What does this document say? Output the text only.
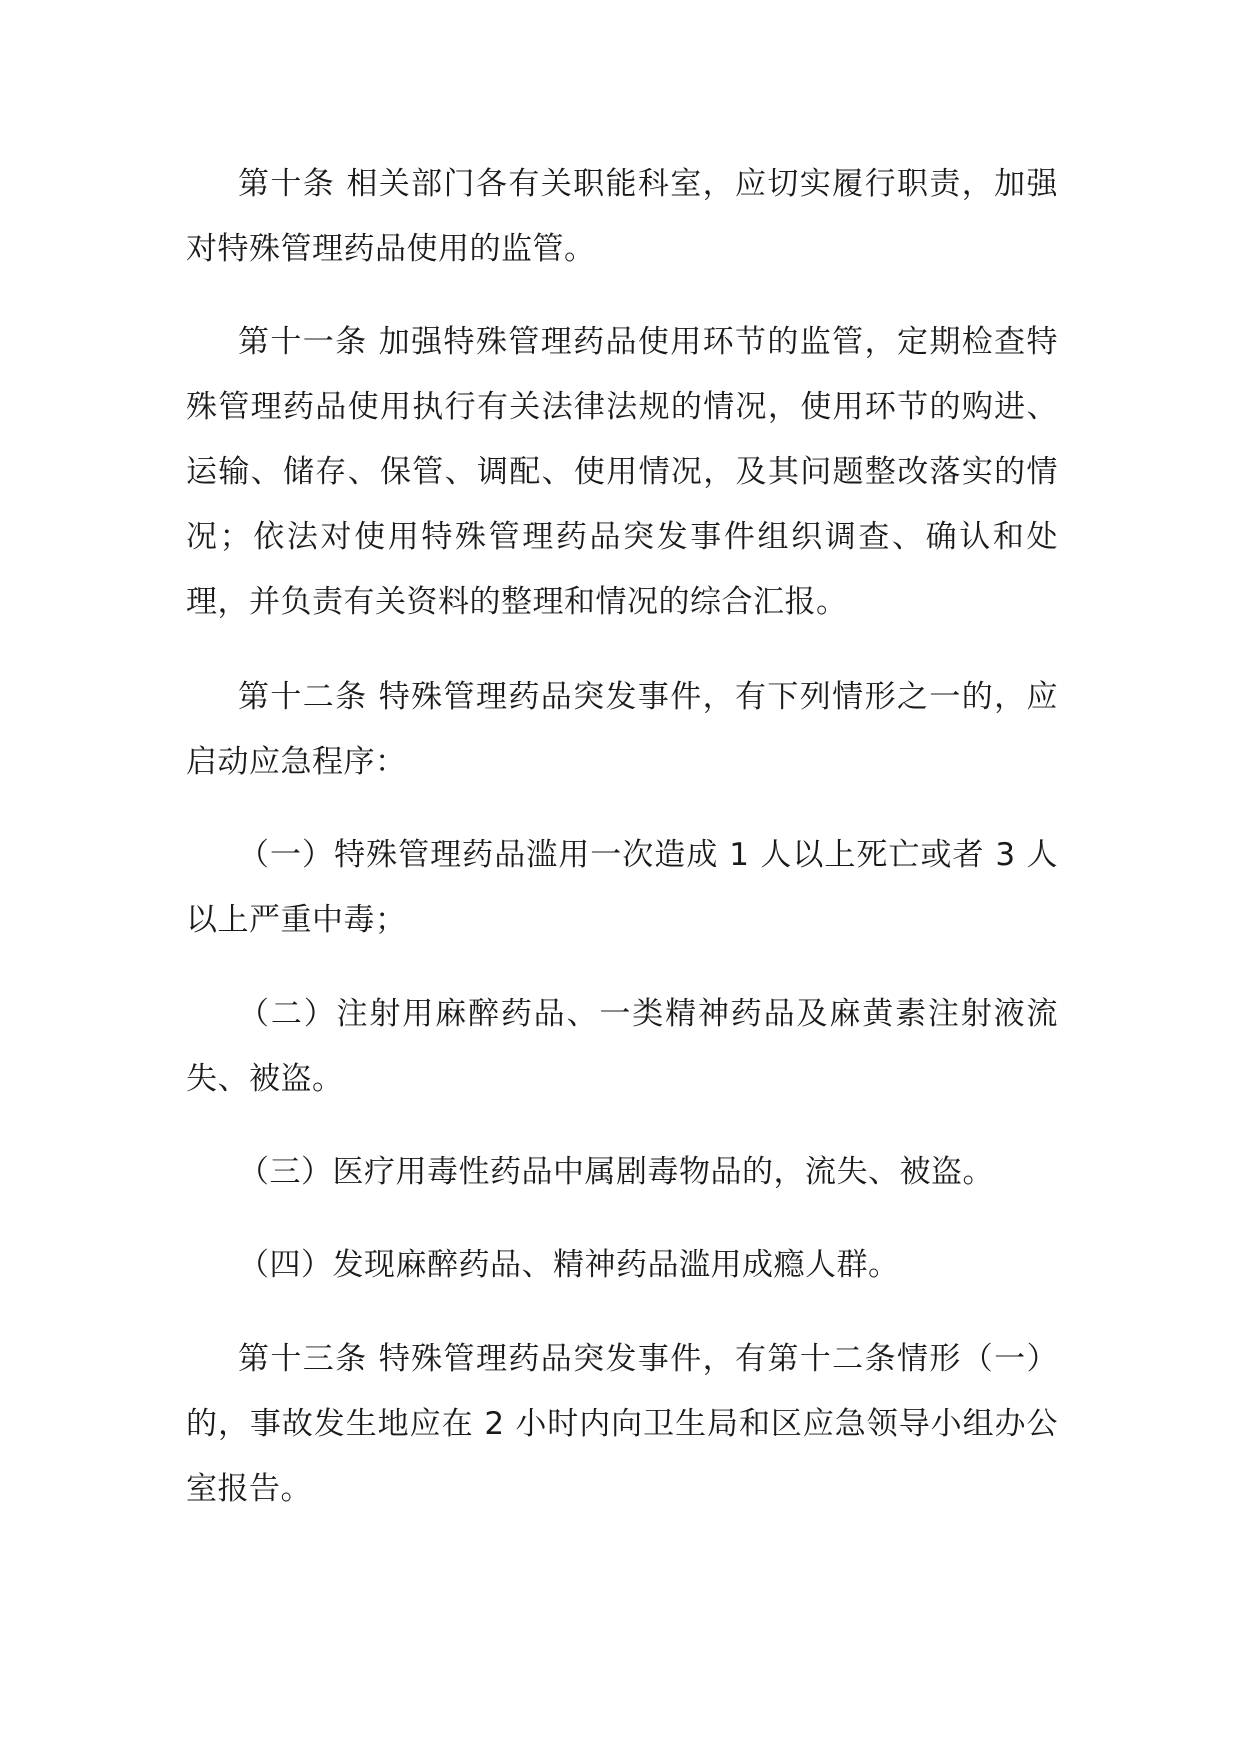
第十条 相关部门各有关职能科室，应切实履行职责，加强对特殊管理药品使用的监管。

第十一条 加强特殊管理药品使用环节的监管，定期检查特殊管理药品使用执行有关法律法规的情况，使用环节的购进、运输、储存、保管、调配、使用情况，及其问题整改落实的情况；依法对使用特殊管理药品突发事件组织调查、确认和处理，并负责有关资料的整理和情况的综合汇报。

第十二条 特殊管理药品突发事件，有下列情形之一的，应启动应急程序：

（一）特殊管理药品滥用一次造成 1 人以上死亡或者 3 人以上严重中毒；

（二）注射用麻醉药品、一类精神药品及麻黄素注射液流失、被盗。

（三）医疗用毒性药品中属剧毒物品的，流失、被盗。

（四）发现麻醉药品、精神药品滥用成瘾人群。

第十三条 特殊管理药品突发事件，有第十二条情形（一）的，事故发生地应在 2 小时内向卫生局和区应急领导小组办公室报告。
